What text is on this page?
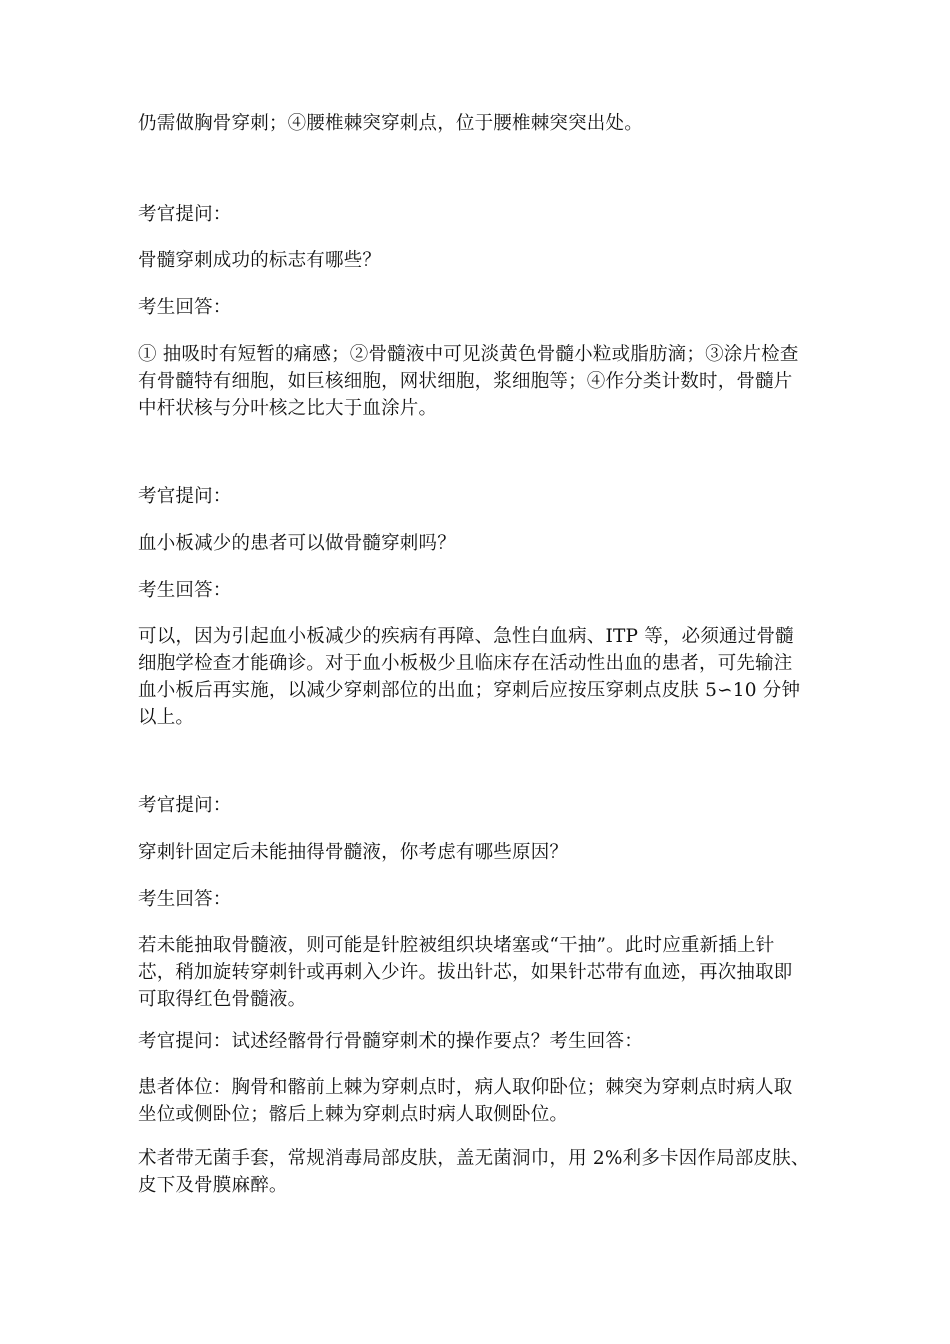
仍需做胸骨穿刺；④腰椎棘突穿刺点，位于腰椎棘突突出处。

考官提问：

骨髓穿刺成功的标志有哪些？

考生回答：

① 抽吸时有短暂的痛感；②骨髓液中可见淡黄色骨髓小粒或脂肪滴；③涂片检查
有骨髓特有细胞，如巨核细胞，网状细胞，浆细胞等；④作分类计数时，骨髓片
中杆状核与分叶核之比大于血涂片。

考官提问：

血小板减少的患者可以做骨髓穿刺吗？

考生回答：

可以，因为引起血小板减少的疾病有再障、急性白血病、ITP 等，必须通过骨髓
细胞学检查才能确诊。对于血小板极少且临床存在活动性出血的患者，可先输注
血小板后再实施，以减少穿刺部位的出血；穿刺后应按压穿刺点皮肤 5∽10 分钟
以上。

考官提问：

穿刺针固定后未能抽得骨髓液，你考虑有哪些原因？

考生回答：

若未能抽取骨髓液，则可能是针腔被组织块堵塞或“干抽”。此时应重新插上针
芯，稍加旋转穿刺针或再刺入少许。拔出针芯，如果针芯带有血迹，再次抽取即
可取得红色骨髓液。

考官提问：试述经髂骨行骨髓穿刺术的操作要点？考生回答：

患者体位：胸骨和髂前上棘为穿刺点时，病人取仰卧位；棘突为穿刺点时病人取
坐位或侧卧位；髂后上棘为穿刺点时病人取侧卧位。

术者带无菌手套，常规消毒局部皮肤，盖无菌洞巾，用 2%利多卡因作局部皮肤、
皮下及骨膜麻醉。
